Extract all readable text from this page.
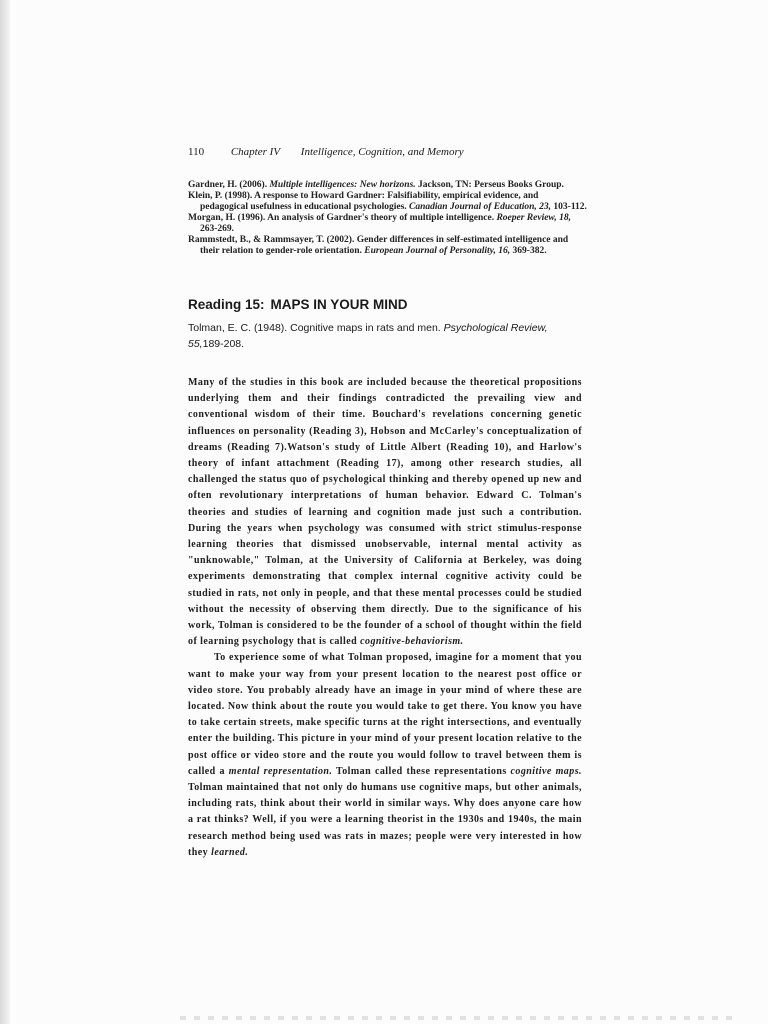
110 Chapter IV Intelligence, Cognition, and Memory

Gardner, H. (2006). Multiple intelligences: New horizons. Jackson, TN: Perseus Books Group.

Klein, P. (1998). A response to Howard Gardner: Falsifiability, empirical evidence, and pedagogical usefulness in educational psychologies. Canadian Journal of Education, 23, 103-112.

Morgan, H. (1996). An analysis of Gardner's theory of multiple intelligence. Roeper Review, 18, 263-269.

Rammstedt, B., & Rammsayer, T. (2002). Gender differences in self-estimated intelligence and their relation to gender-role orientation. European Journal of Personality, 16, 369-382.

Reading 15: MAPS IN YOUR MIND
Tolman, E. C. (1948). Cognitive maps in rats and men. Psychological Review,
55,189-208.

Many of the studies in this book are included because the theoretical propositions underlying them and their findings contradicted the prevailing view and conventional wisdom of their time. Bouchard's revelations concerning genetic influences on personality (Reading 3), Hobson and McCarley's conceptualization of dreams (Reading 7).Watson's study of Little Albert (Reading 10), and Harlow's theory of infant attachment (Reading 17), among other research studies, all challenged the status quo of psychological thinking and thereby opened up new and often revolutionary interpretations of human behavior. Edward C. Tolman's theories and studies of learning and cognition made just such a contribution. During the years when psychology was consumed with strict stimulus-response learning theories that dismissed unobservable, internal mental activity as "unknowable," Tolman, at the University of California at Berkeley, was doing experiments demonstrating that complex internal cognitive activity could be studied in rats, not only in people, and that these mental processes could be studied without the necessity of observing them directly. Due to the significance of his work, Tolman is considered to be the founder of a school of thought within the field of learning psychology that is called cognitive-behaviorism.

To experience some of what Tolman proposed, imagine for a moment that you want to make your way from your present location to the nearest post office or video store. You probably already have an image in your mind of where these are located. Now think about the route you would take to get there. You know you have to take certain streets, make specific turns at the right intersections, and eventually enter the building. This picture in your mind of your present location relative to the post office or video store and the route you would follow to travel between them is called a mental representation. Tolman called these representations cognitive maps. Tolman maintained that not only do humans use cognitive maps, but other animals, including rats, think about their world in similar ways. Why does anyone care how a rat thinks? Well, if you were a learning theorist in the 1930s and 1940s, the main research method being used was rats in mazes; people were very interested in how they learned.
